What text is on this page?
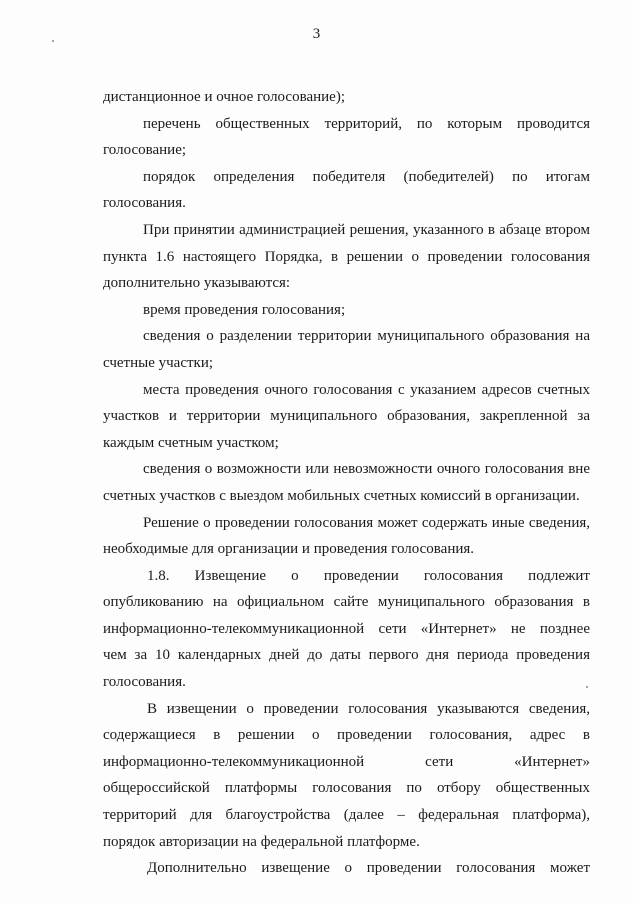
3
дистанционное и очное голосование);
перечень общественных территорий, по которым проводится
голосование;
порядок определения победителя (победителей) по итогам
голосования.
При принятии администрацией решения, указанного в абзаце втором
пункта 1.6 настоящего Порядка, в решении о проведении голосования
дополнительно указываются:
время проведения голосования;
сведения о разделении территории муниципального образования на
счетные участки;
места проведения очного голосования с указанием адресов счетных
участков и территории муниципального образования, закрепленной за
каждым счетным участком;
сведения о возможности или невозможности очного голосования вне
счетных участков с выездом мобильных счетных комиссий в организации.
Решение о проведении голосования может содержать иные сведения,
необходимые для организации и проведения голосования.
1.8. Извещение о проведении голосования подлежит
опубликованию на официальном сайте муниципального образования в
информационно-телекоммуникационной сети «Интернет» не позднее
чем за 10 календарных дней до даты первого дня периода проведения
голосования.
В извещении о проведении голосования указываются сведения,
содержащиеся в решении о проведении голосования, адрес в
информационно-телекоммуникационной сети «Интернет»
общероссийской платформы голосования по отбору общественных
территорий для благоустройства (далее – федеральная платформа),
порядок авторизации на федеральной платформе.
Дополнительно извещение о проведении голосования может
